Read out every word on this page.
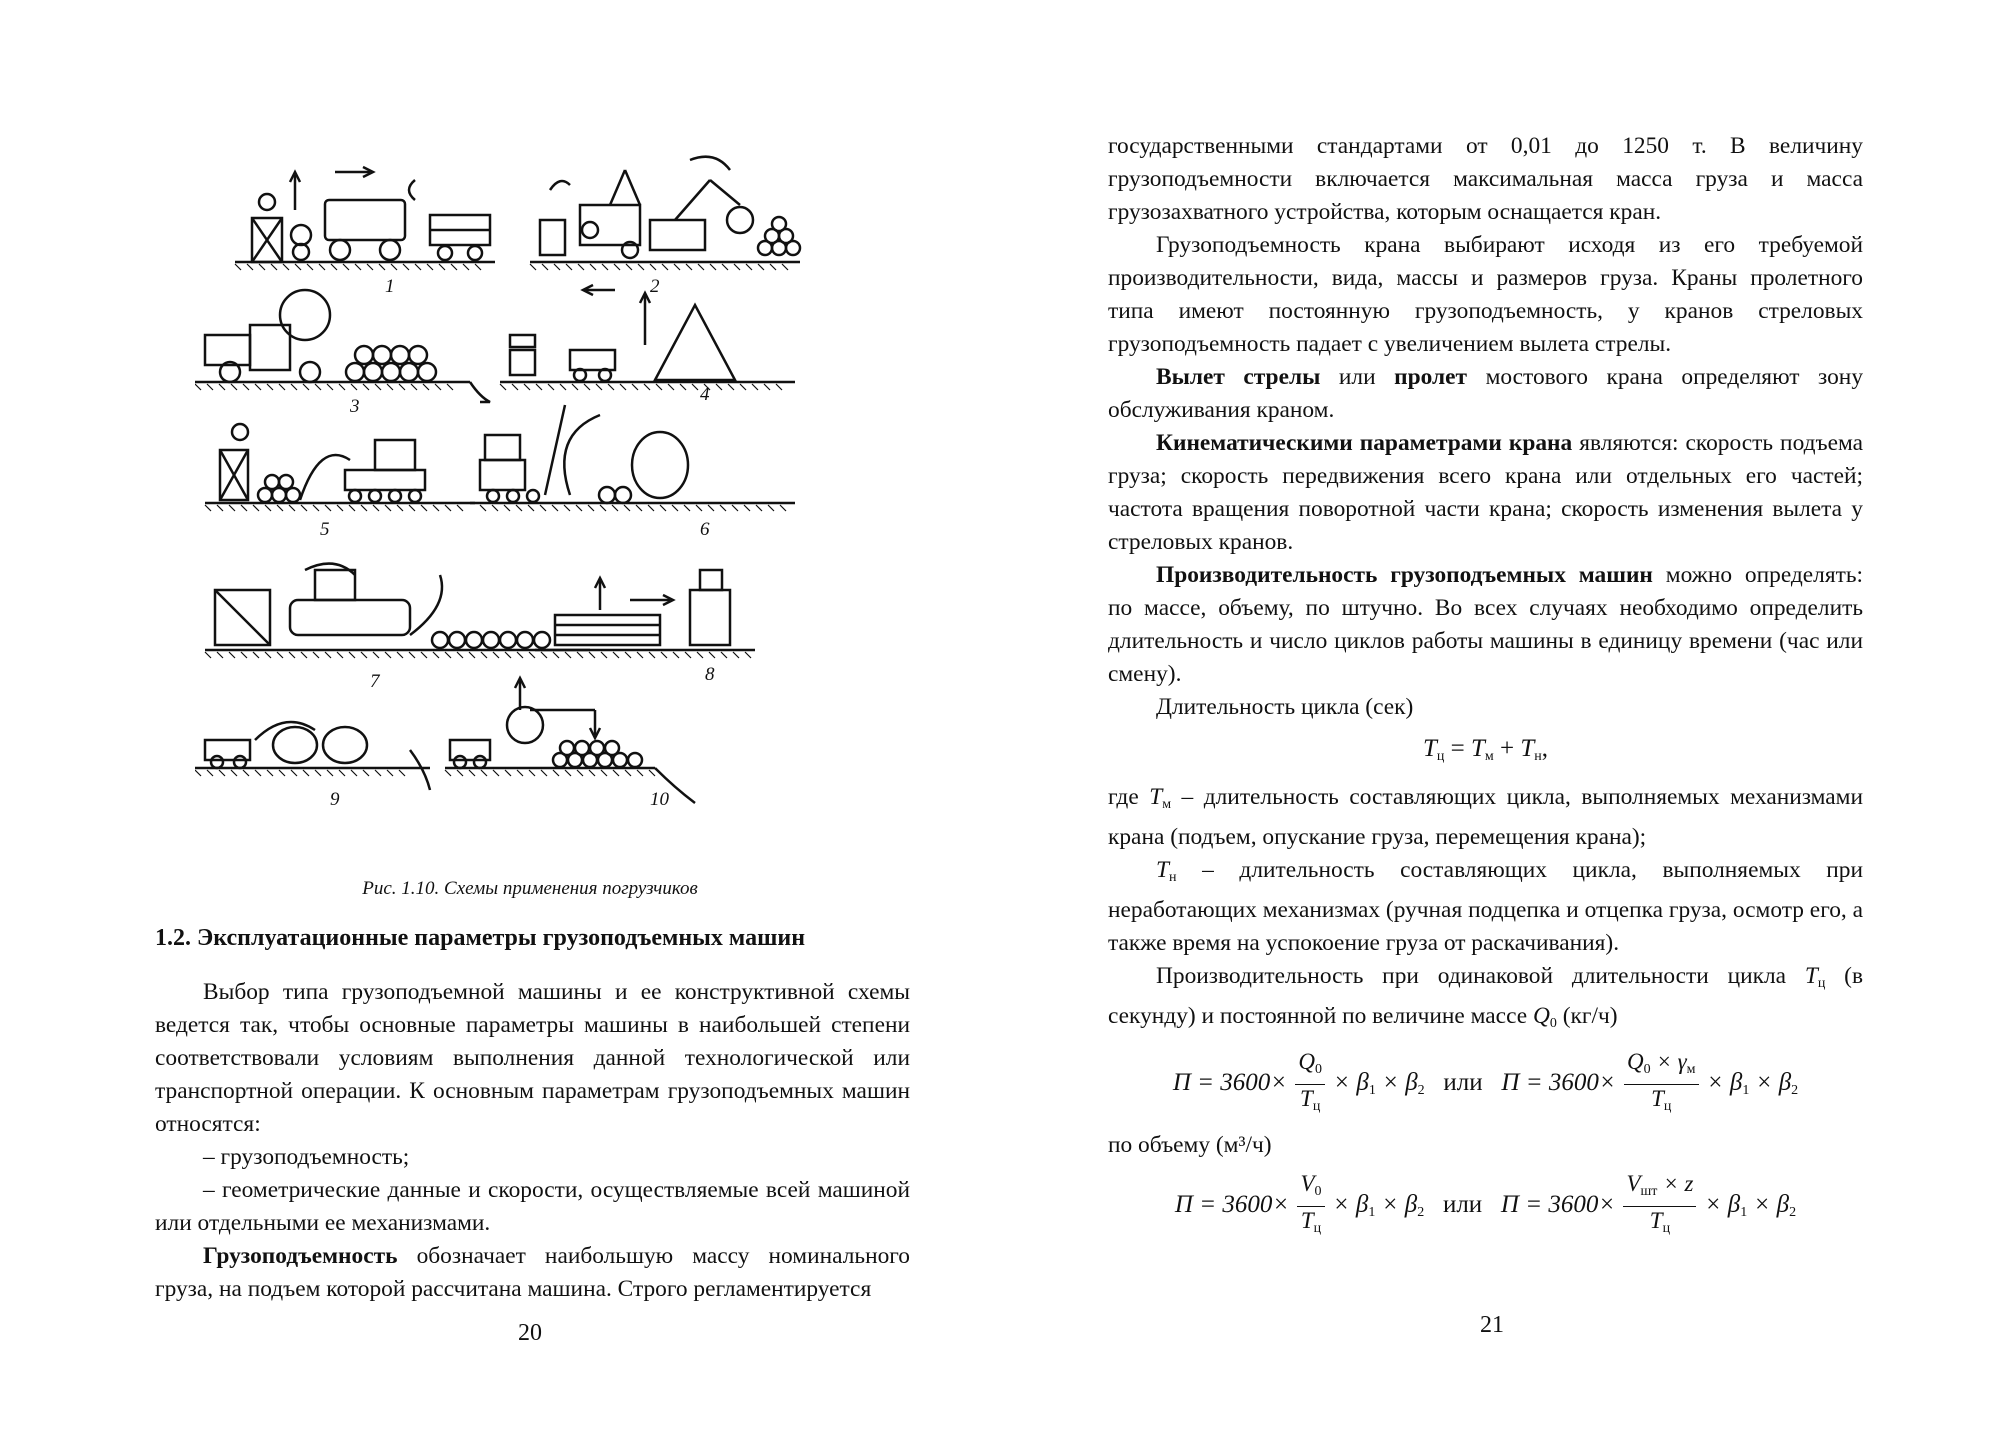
1	2
3
4
5	6
7	8
9	10
Рис. 1.10. Схемы применения погрузчиков
1.2. Эксплуатационные параметры грузоподъемных машин

Выбор типа грузоподъемной машины и ее конструктивной схемы ведется так, чтобы основные параметры машины в наибольшей степени соответствовали условиям выполнения данной технологической или транспортной операции. К основным параметрам грузоподъемных машин относятся:

– грузоподъемность;

– геометрические данные и скорости, осуществляемые всей машиной или отдельными ее механизмами.

Грузоподъемность обозначает наибольшую массу номинального груза, на подъем которой рассчитана машина. Строго регламентируется

20

государственными стандартами от 0,01 до 1250 т. В величину грузоподъемности включается максимальная масса груза и масса грузозахватного устройства, которым оснащается кран.

Грузоподъемность крана выбирают исходя из его требуемой производительности, вида, массы и размеров груза. Краны пролетного типа имеют постоянную грузоподъемность, у кранов стреловых грузоподъемность падает с увеличением вылета стрелы.

Вылет стрелы или пролет мостового крана определяют зону обслуживания краном.

Кинематическими параметрами крана являются: скорость подъема груза; скорость передвижения всего крана или отдельных его частей; частота вращения поворотной части крана; скорость изменения вылета у стреловых кранов.

Производительность грузоподъемных машин можно определять: по массе, объему, по штучно. Во всех случаях необходимо определить длительность и число циклов работы машины в единицу времени (час или смену).

Длительность цикла (сек)

$T_ц = T_м + T_н$,

где $T_м$ – длительность составляющих цикла, выполняемых механизмами крана (подъем, опускание груза, перемещения крана);

$T_н$ – длительность составляющих цикла, выполняемых при неработающих механизмах (ручная подцепка и отцепка груза, осмотр его, а также время на успокоение груза от раскачивания).

Производительность при одинаковой длительности цикла $T_ц$ (в секунду) и постоянной по величине массе $Q_0$ (кг/ч)

$П = 3600\times \frac{Q_0}{T_ц} \times \beta_1 \times \beta_2$ или $П = 3600\times \frac{Q_0 \times \gamma_м}{T_ц} \times \beta_1 \times \beta_2$

по объему (м³/ч)

$П = 3600\times \frac{V_0}{T_ц} \times \beta_1 \times \beta_2$ или $П = 3600\times \frac{V_{шт} \times z}{T_ц} \times \beta_1 \times \beta_2$
21
